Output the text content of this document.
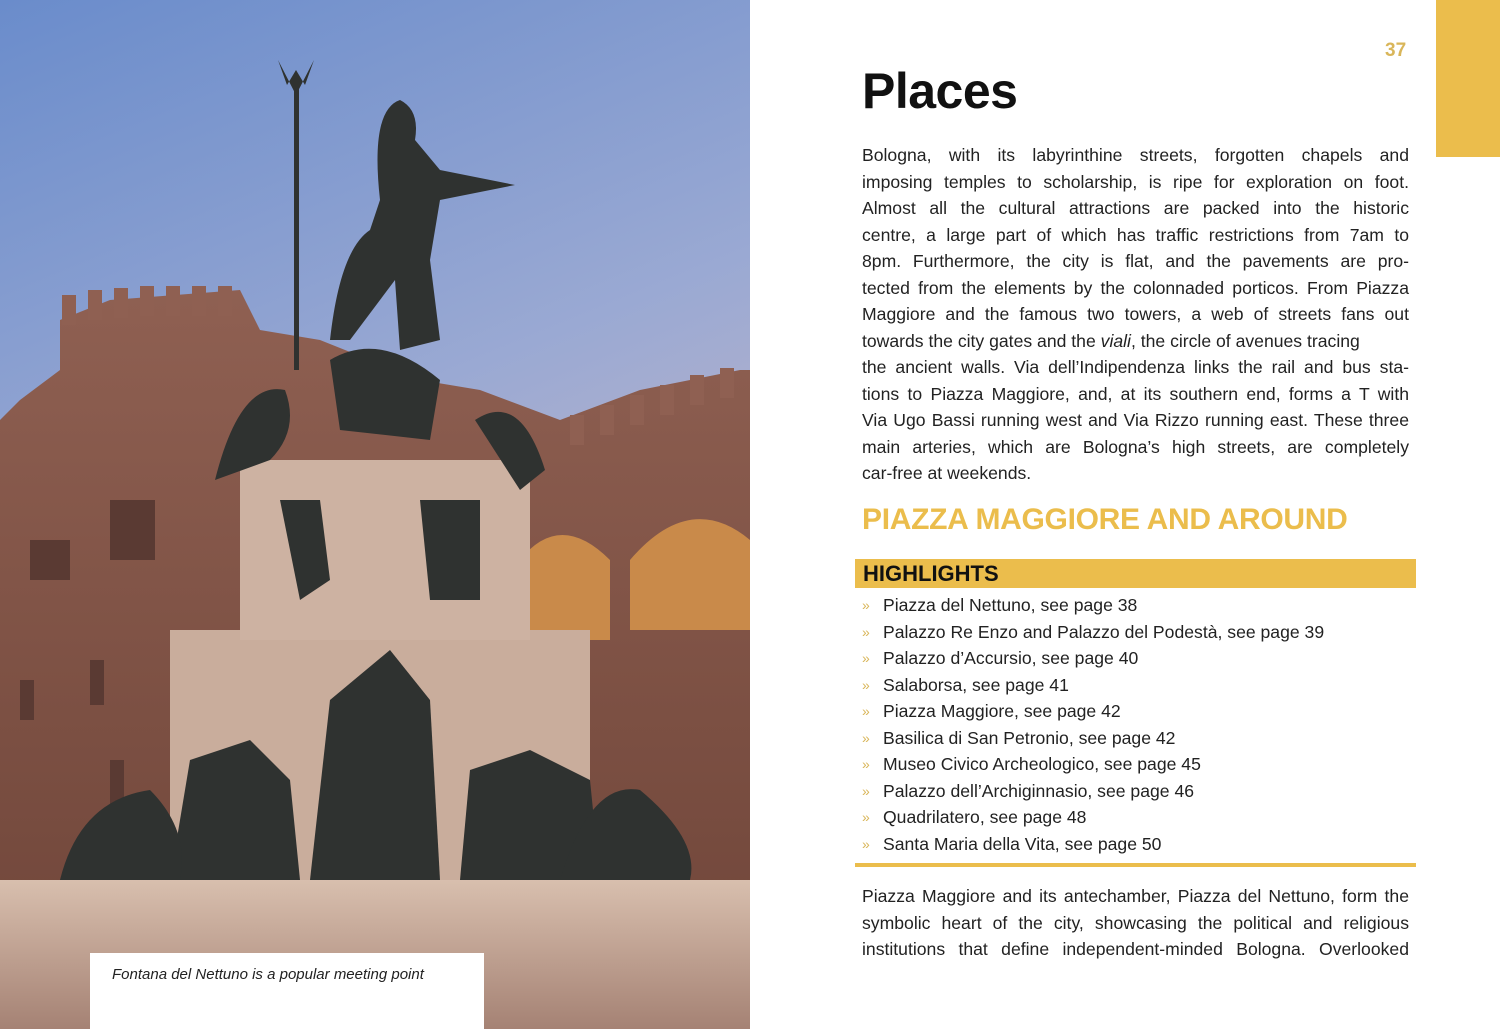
Fontana del Nettuno is a popular meeting point
37
Places
Bologna, with its labyrinthine streets, forgotten chapels and
imposing temples to scholarship, is ripe for exploration on foot.
Almost all the cultural attractions are packed into the historic
centre, a large part of which has traffic restrictions from 7am to
8pm. Furthermore, the city is flat, and the pavements are pro-
tected from the elements by the colonnaded porticos. From Piazza
Maggiore and the famous two towers, a web of streets fans out
towards the city gates and the viali, the circle of avenues tracing
the ancient walls. Via dell’Indipendenza links the rail and bus sta-
tions to Piazza Maggiore, and, at its southern end, forms a T with
Via Ugo Bassi running west and Via Rizzo running east. These three
main arteries, which are Bologna’s high streets, are completely
car-free at weekends.
PIAZZA MAGGIORE AND AROUND
HIGHLIGHTS
» Piazza del Nettuno, see page 38
» Palazzo Re Enzo and Palazzo del Podestà, see page 39
» Palazzo d’Accursio, see page 40
» Salaborsa, see page 41
» Piazza Maggiore, see page 42
» Basilica di San Petronio, see page 42
» Museo Civico Archeologico, see page 45
» Palazzo dell’Archiginnasio, see page 46
» Quadrilatero, see page 48
» Santa Maria della Vita, see page 50
Piazza Maggiore and its antechamber, Piazza del Nettuno, form the
symbolic heart of the city, showcasing the political and religious
institutions that define independent-minded Bologna. Overlooked
